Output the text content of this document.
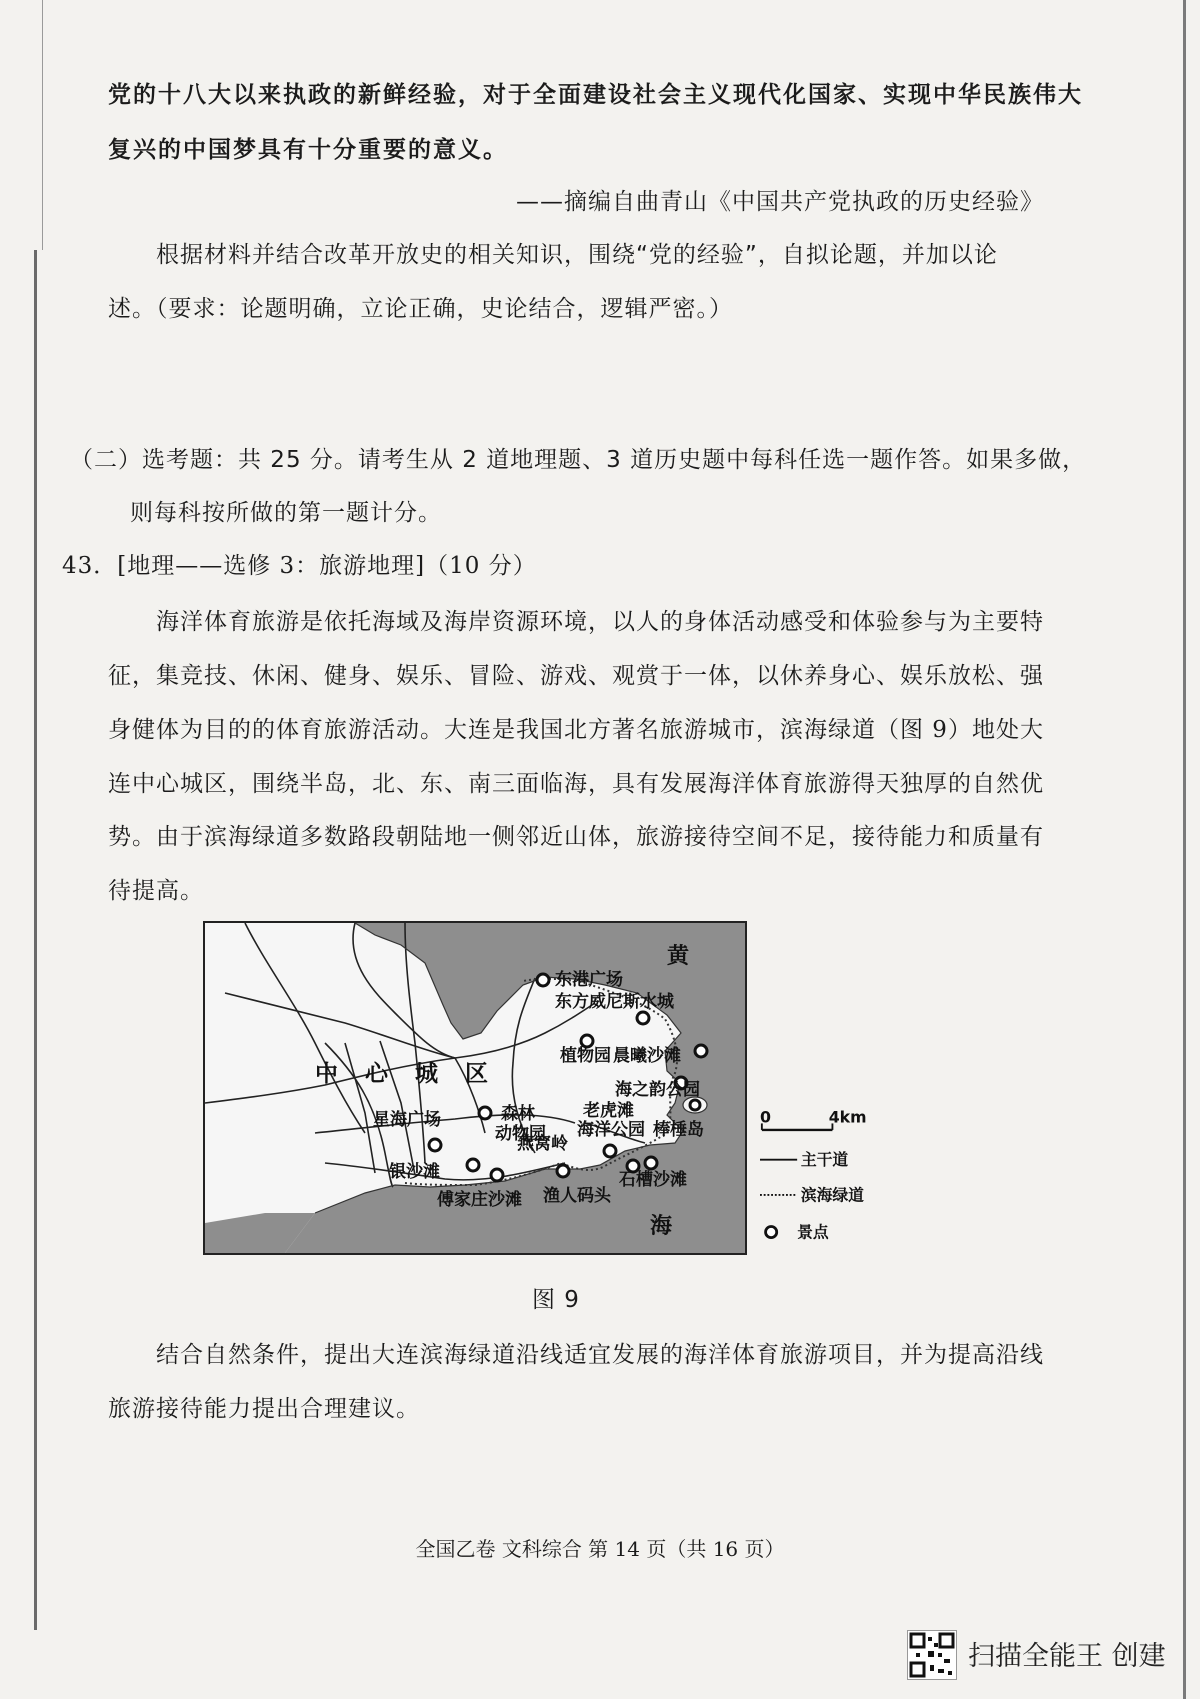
党的十八大以来执政的新鲜经验，对于全面建设社会主义现代化国家、实现中华民族伟大
复兴的中国梦具有十分重要的意义。
——摘编自曲青山《中国共产党执政的历史经验》
根据材料并结合改革开放史的相关知识，围绕“党的经验”，自拟论题，并加以论
述。（要求：论题明确，立论正确，史论结合，逻辑严密。）
（二）选考题：共 25 分。请考生从 2 道地理题、3 道历史题中每科任选一题作答。如果多做，
则每科按所做的第一题计分。
43．[地理——选修 3：旅游地理]（10 分）
海洋体育旅游是依托海域及海岸资源环境，以人的身体活动感受和体验参与为主要特
征，集竞技、休闲、健身、娱乐、冒险、游戏、观赏于一体，以休养身心、娱乐放松、强
身健体为目的的体育旅游活动。大连是我国北方著名旅游城市，滨海绿道（图 9）地处大
连中心城区，围绕半岛，北、东、南三面临海，具有发展海洋体育旅游得天独厚的自然优
势。由于滨海绿道多数路段朝陆地一侧邻近山体，旅游接待空间不足，接待能力和质量有
待提高。
黄
海
中 心 城 区
东港广场
东方威尼斯水城
晨曦沙滩
植物园
海之韵公园
老虎滩
棒棰岛
海洋公园
森林
动物园
星海广场
燕窝岭
银沙滩
傅家庄沙滩 渔人码头
石槽沙滩
0	4km
主干道
滨海绿道
景点
图 9
结合自然条件，提出大连滨海绿道沿线适宜发展的海洋体育旅游项目，并为提高沿线
旅游接待能力提出合理建议。
全国乙卷 文科综合 第 14 页（共 16 页）
扫描全能王 创建
